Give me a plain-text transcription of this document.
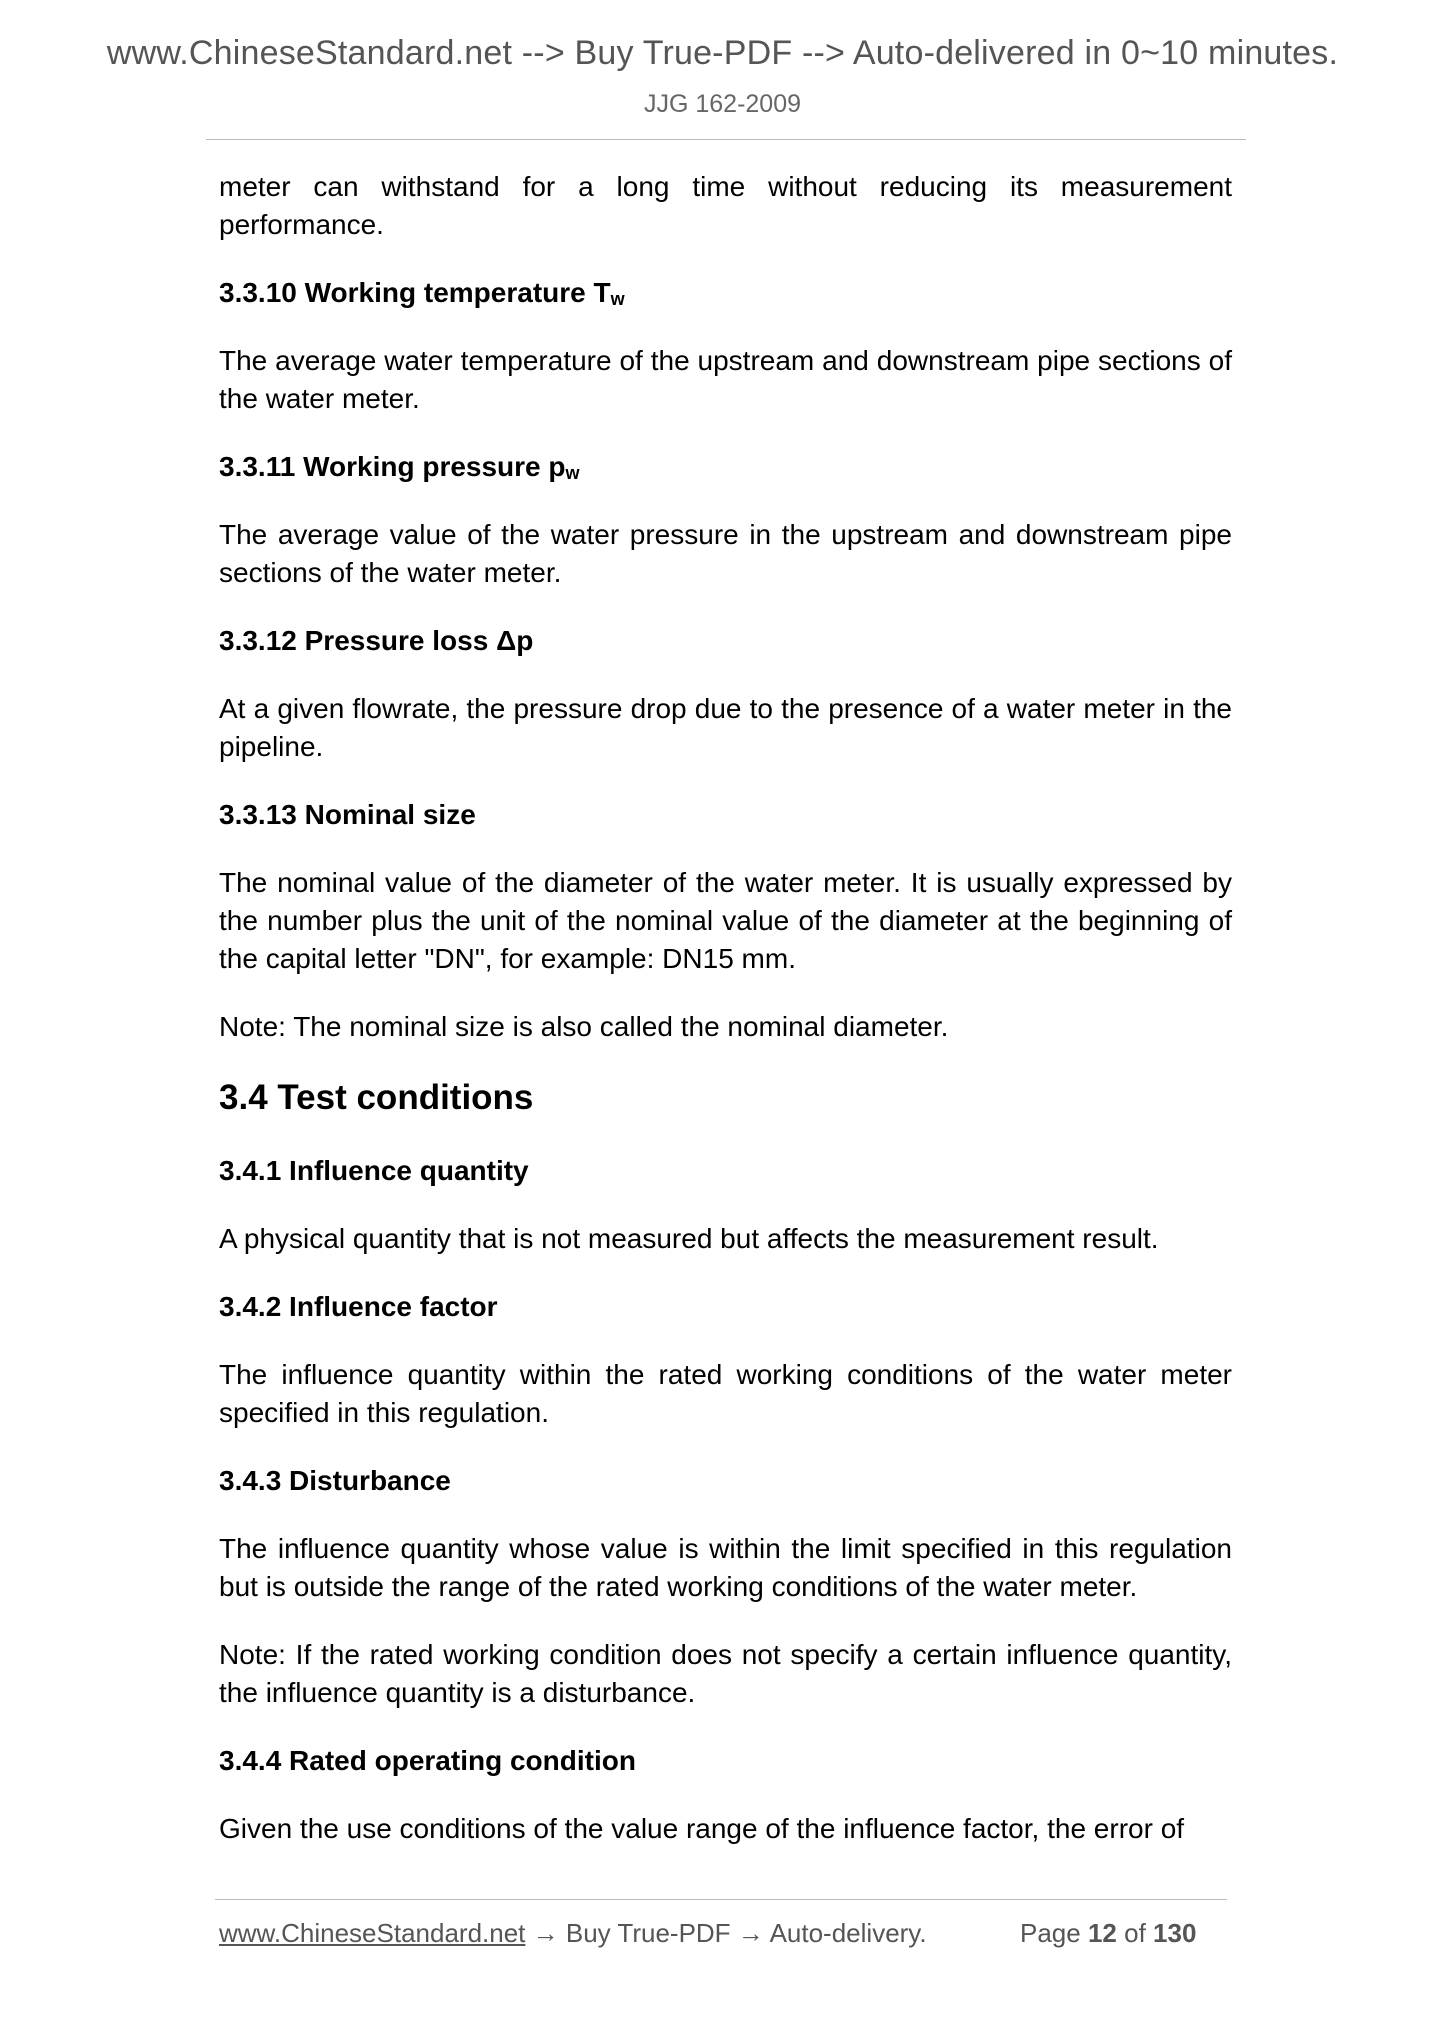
www.ChineseStandard.net --> Buy True-PDF --> Auto-delivered in 0~10 minutes.
JJG 162-2009

meter can withstand for a long time without reducing its measurement performance.

3.3.10 Working temperature $T_w$

The average water temperature of the upstream and downstream pipe sections of the water meter.

3.3.11 Working pressure $p_w$

The average value of the water pressure in the upstream and downstream pipe sections of the water meter.

3.3.12 Pressure loss Δp

At a given flowrate, the pressure drop due to the presence of a water meter in the pipeline.

3.3.13 Nominal size

The nominal value of the diameter of the water meter. It is usually expressed by the number plus the unit of the nominal value of the diameter at the beginning of the capital letter "DN", for example: DN15 mm.

Note: The nominal size is also called the nominal diameter.

3.4 Test conditions
3.4.1 Influence quantity

A physical quantity that is not measured but affects the measurement result.

3.4.2 Influence factor

The influence quantity within the rated working conditions of the water meter specified in this regulation.

3.4.3 Disturbance

The influence quantity whose value is within the limit specified in this regulation but is outside the range of the rated working conditions of the water meter.

Note: If the rated working condition does not specify a certain influence quantity, the influence quantity is a disturbance.

3.4.4 Rated operating condition

Given the use conditions of the value range of the influence factor, the error of

www.ChineseStandard.net → Buy True-PDF → Auto-delivery.	Page 12 of 130
